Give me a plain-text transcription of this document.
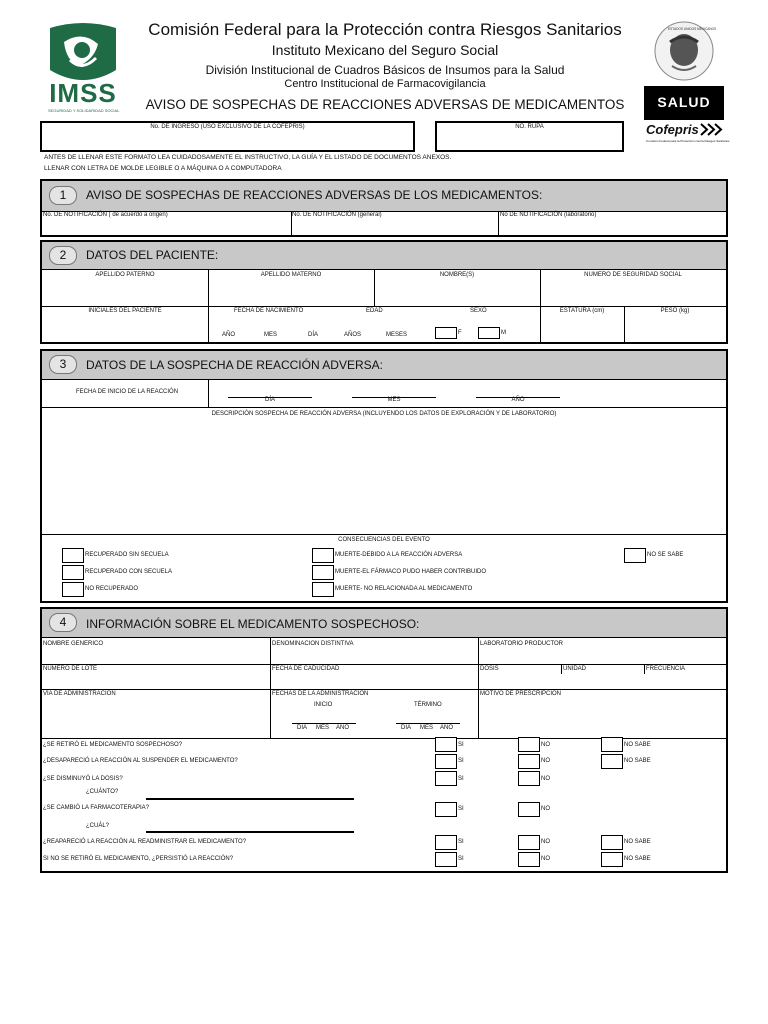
IMSS
SEGURIDAD Y SOLIDARIDAD SOCIAL
Comisión Federal para la Protección contra Riesgos Sanitarios
Instituto Mexicano del Seguro Social
División Institucional de Cuadros Básicos de Insumos para la Salud
Centro Institucional de Farmacovigilancia
AVISO DE SOSPECHAS DE REACCIONES ADVERSAS DE MEDICAMENTOS
ESTADOS UNIDOS MEXICANOS
SALUD
Cofepris
Comisión Federal para la Protección contra Riesgos Sanitarios
No. DE INGRESO (USO EXCLUSIVO DE LA COFEPRIS)	NO. RUPA
ANTES DE LLENAR ESTE FORMATO LEA CUIDADOSAMENTE EL INSTRUCTIVO, LA GUÍA Y EL LISTADO DE DOCUMENTOS ANEXOS.
LLENAR CON LETRA DE MOLDE LEGIBLE O A MÁQUINA O A COMPUTADORA
1	AVISO DE SOSPECHAS DE REACCIONES ADVERSAS DE LOS MEDICAMENTOS:
No. DE NOTIFICACIÓN ( de acuerdo a origen)	No. DE NOTIFICACIÓN (general)	No DE NOTIFICACIÓN (laboratorio)
2	DATOS DEL PACIENTE:
APELLIDO PATERNO	APELLIDO MATERNO	NOMBRE(S)	NUMERO DE SEGURIDAD SOCIAL
INICIALES DEL PACIENTE	FECHA DE NACIMIENTO	EDAD	SEXO	ESTATURA (cm)	PESO (kg)
AÑO	MES	DÍA	AÑOS	MESES	F	M
3	DATOS DE LA SOSPECHA DE REACCIÓN ADVERSA:
FECHA DE INICIO DE LA REACCIÓN
DÍA	MES	AÑO
DESCRIPCIÓN SOSPECHA DE REACCIÓN ADVERSA (INCLUYENDO LOS DATOS DE EXPLORACIÓN Y DE LABORATORIO)
CONSECUENCIAS DEL EVENTO
RECUPERADO SIN SECUELA
RECUPERADO CON SECUELA
NO RECUPERADO
MUERTE-DEBIDO A LA REACCIÓN ADVERSA
MUERTE-EL FÁRMACO PUDO HABER CONTRIBUIDO
MUERTE- NO RELACIONADA AL MEDICAMENTO
NO SE SABE
4	INFORMACIÓN SOBRE EL MEDICAMENTO SOSPECHOSO:
NOMBRE GENERICO	DENOMINACION DISTINTIVA	LABORATORIO PRODUCTOR
NUMERO DE LOTE	FECHA DE CADUCIDAD	DOSIS	UNIDAD	FRECUENCIA
VÍA DE ADMINISTRACION	FECHAS DE LA ADMINISTRACION
INICIO	TÉRMINO
DIA MES AÑO	DIA MES AÑO
MOTIVO DE PRESCRIPCION
¿SE RETIRÓ EL MEDICAMENTO SOSPECHOSO?	SI	NO	NO SABE
¿DESAPARECIÓ LA REACCIÓN AL SUSPENDER EL MEDICAMENTO?	SI	NO	NO SABE
¿SE DISMINUYÓ LA DOSIS?	SI	NO
¿CUÁNTO?
¿SE CAMBIÓ LA FARMACOTERAPIA?	SI	NO
¿CUÁL?
¿REAPARECIÓ LA REACCIÓN AL READMINISTRAR EL MEDICAMENTO?	SI	NO	NO SABE
SI NO SE RETIRÓ EL MEDICAMENTO, ¿PERSISTIÓ LA REACCIÓN?	SI	NO	NO SABE
